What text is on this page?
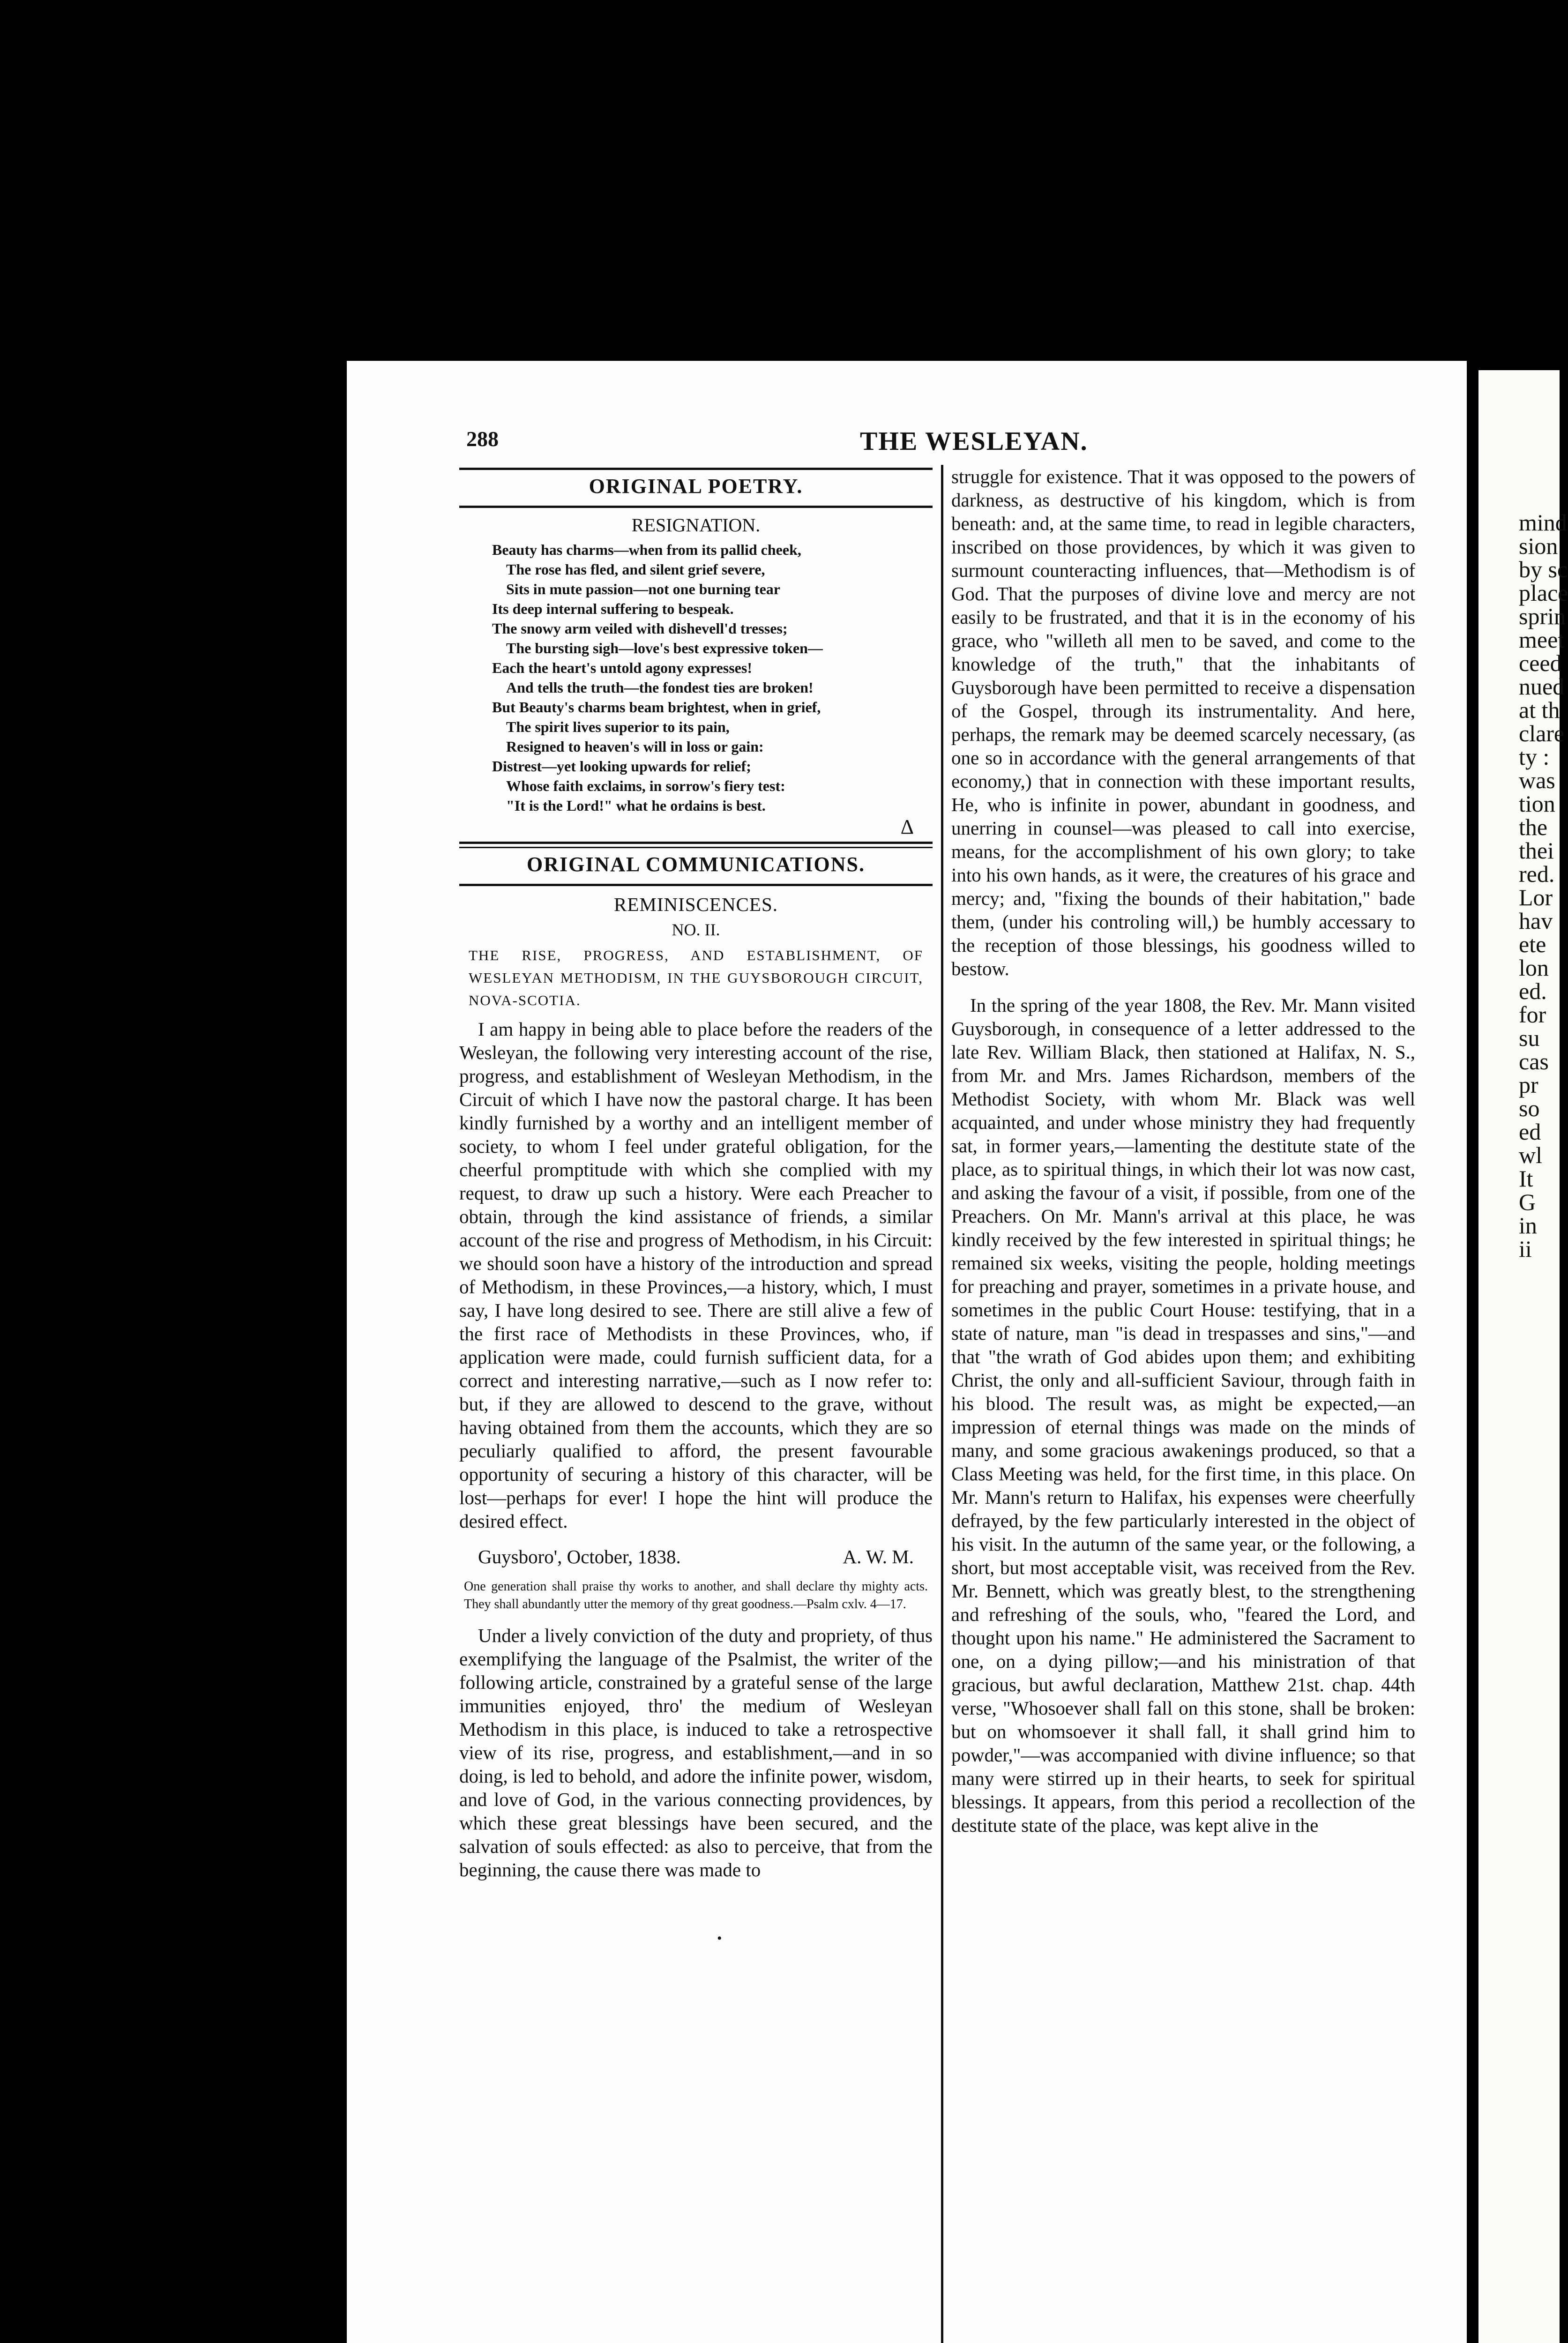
288	THE WESLEYAN.
ORIGINAL POETRY.
RESIGNATION.
Beauty has charms—when from its pallid cheek,
The rose has fled, and silent grief severe,
Sits in mute passion—not one burning tear
Its deep internal suffering to bespeak.
The snowy arm veiled with dishevell'd tresses;
The bursting sigh—love's best expressive token—
Each the heart's untold agony expresses!
And tells the truth—the fondest ties are broken!
But Beauty's charms beam brightest, when in grief,
The spirit lives superior to its pain,
Resigned to heaven's will in loss or gain:
Distrest—yet looking upwards for relief;
Whose faith exclaims, in sorrow's fiery test:
"It is the Lord!" what he ordains is best.
Δ
ORIGINAL COMMUNICATIONS.
REMINISCENCES.
NO. II.
THE RISE, PROGRESS, AND ESTABLISHMENT, OF WESLEYAN METHODISM, IN THE GUYSBOROUGH CIRCUIT, NOVA-SCOTIA.

I am happy in being able to place before the readers of the Wesleyan, the following very interesting account of the rise, progress, and establishment of Wesleyan Methodism, in the Circuit of which I have now the pastoral charge. It has been kindly furnished by a worthy and an intelligent member of society, to whom I feel under grateful obligation, for the cheerful promptitude with which she complied with my request, to draw up such a history. Were each Preacher to obtain, through the kind assistance of friends, a similar account of the rise and progress of Methodism, in his Circuit: we should soon have a history of the introduction and spread of Methodism, in these Provinces,—a history, which, I must say, I have long desired to see. There are still alive a few of the first race of Methodists in these Provinces, who, if application were made, could furnish sufficient data, for a correct and interesting narrative,—such as I now refer to: but, if they are allowed to descend to the grave, without having obtained from them the accounts, which they are so peculiarly qualified to afford, the present favourable opportunity of securing a history of this character, will be lost—perhaps for ever! I hope the hint will produce the desired effect.

Guysboro', October, 1838.	A. W. M.
One generation shall praise thy works to another, and shall declare thy mighty acts. They shall abundantly utter the memory of thy great goodness.—Psalm cxlv. 4—17.

Under a lively conviction of the duty and propriety, of thus exemplifying the language of the Psalmist, the writer of the following article, constrained by a grateful sense of the large immunities enjoyed, thro' the medium of Wesleyan Methodism in this place, is induced to take a retrospective view of its rise, progress, and establishment,—and in so doing, is led to behold, and adore the infinite power, wisdom, and love of God, in the various connecting providences, by which these great blessings have been secured, and the salvation of souls effected: as also to perceive, that from the beginning, the cause there was made to

struggle for existence. That it was opposed to the powers of darkness, as destructive of his kingdom, which is from beneath: and, at the same time, to read in legible characters, inscribed on those providences, by which it was given to surmount counteracting influences, that—Methodism is of God. That the purposes of divine love and mercy are not easily to be frustrated, and that it is in the economy of his grace, who "willeth all men to be saved, and come to the knowledge of the truth," that the inhabitants of Guysborough have been permitted to receive a dispensation of the Gospel, through its instrumentality. And here, perhaps, the remark may be deemed scarcely necessary, (as one so in accordance with the general arrangements of that economy,) that in connection with these important results, He, who is infinite in power, abundant in goodness, and unerring in counsel—was pleased to call into exercise, means, for the accomplishment of his own glory; to take into his own hands, as it were, the creatures of his grace and mercy; and, "fixing the bounds of their habitation," bade them, (under his controling will,) be humbly accessary to the reception of those blessings, his goodness willed to bestow.

In the spring of the year 1808, the Rev. Mr. Mann visited Guysborough, in consequence of a letter addressed to the late Rev. William Black, then stationed at Halifax, N. S., from Mr. and Mrs. James Richardson, members of the Methodist Society, with whom Mr. Black was well acquainted, and under whose ministry they had frequently sat, in former years,—lamenting the destitute state of the place, as to spiritual things, in which their lot was now cast, and asking the favour of a visit, if possible, from one of the Preachers. On Mr. Mann's arrival at this place, he was kindly received by the few interested in spiritual things; he remained six weeks, visiting the people, holding meetings for preaching and prayer, sometimes in a private house, and sometimes in the public Court House: testifying, that in a state of nature, man "is dead in trespasses and sins,"—and that "the wrath of God abides upon them; and exhibiting Christ, the only and all-sufficient Saviour, through faith in his blood. The result was, as might be expected,—an impression of eternal things was made on the minds of many, and some gracious awakenings produced, so that a Class Meeting was held, for the first time, in this place. On Mr. Mann's return to Halifax, his expenses were cheerfully defrayed, by the few particularly interested in the object of his visit. In the autumn of the same year, or the following, a short, but most acceptable visit, was received from the Rev. Mr. Bennett, which was greatly blest, to the strengthening and refreshing of the souls, who, "feared the Lord, and thought upon his name." He administered the Sacrament to one, on a dying pillow;—and his ministration of that gracious, but awful declaration, Matthew 21st. chap. 44th verse, "Whosoever shall fall on this stone, shall be broken: but on whomsoever it shall fall, it shall grind him to powder,"—was accompanied with divine influence; so that many were stirred up in their hearts, to seek for spiritual blessings. It appears, from this period a recollection of the destitute state of the place, was kept alive in the

•
mind
sion
by sc
place
sprin
meet
ceed
nued
at th
clare
ty :
was
tion
the
thei
red.
Lor
hav
ete
lon
ed.
for
su
cas
pr
so
ed
wl
It
G
in
ii
